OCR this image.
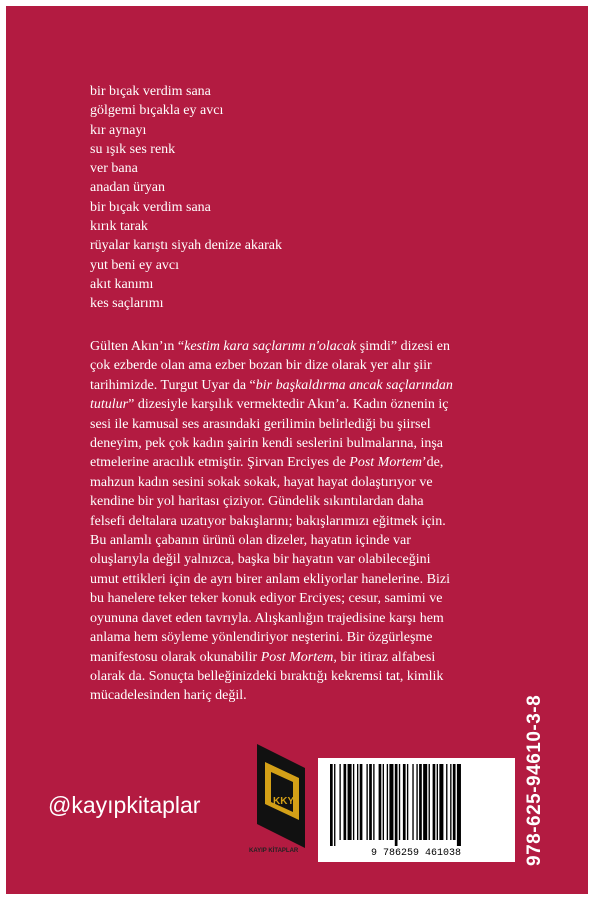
bir bıçak verdim sana
gölgemi bıçakla ey avcı
kır aynayı
su ışık ses renk
ver bana
anadan üryan
bir bıçak verdim sana
kırık tarak
rüyalar karıştı siyah denize akarak
yut beni ey avcı
akıt kanımı
kes saçlarımı
Gülten Akın’ın “kestim kara saçlarımı n'olacak şimdi” dizesi en
çok ezberde olan ama ezber bozan bir dize olarak yer alır şiir
tarihimizde. Turgut Uyar da “bir başkaldırma ancak saçlarından
tutulur” dizesiyle karşılık vermektedir Akın’a. Kadın öznenin iç
sesi ile kamusal ses arasındaki gerilimin belirlediği bu şiirsel
deneyim, pek çok kadın şairin kendi seslerini bulmalarına, inşa
etmelerine aracılık etmiştir. Şirvan Erciyes de Post Mortem’de,
mahzun kadın sesini sokak sokak, hayat hayat dolaştırıyor ve
kendine bir yol haritası çiziyor. Gündelik sıkıntılardan daha
felsefi deltalara uzatıyor bakışlarını; bakışlarımızı eğitmek için.
Bu anlamlı çabanın ürünü olan dizeler, hayatın içinde var
oluşlarıyla değil yalnızca, başka bir hayatın var olabileceğini
umut ettikleri için de ayrı birer anlam ekliyorlar hanelerine. Bizi
bu hanelere teker teker konuk ediyor Erciyes; cesur, samimi ve
oyununa davet eden tavrıyla. Alışkanlığın trajedisine karşı hem
anlama hem söyleme yönlendiriyor neşterini. Bir özgürleşme
manifestosu olarak okunabilir Post Mortem, bir itiraz alfabesi
olarak da. Sonuçta belleğinizdeki bıraktığı kekremsi tat, kimlik
mücadelesinden hariç değil.
@kayıpkitaplar	KKY
KAYIP KİTAPLAR	9 786259 461038	978-625-94610-3-8
